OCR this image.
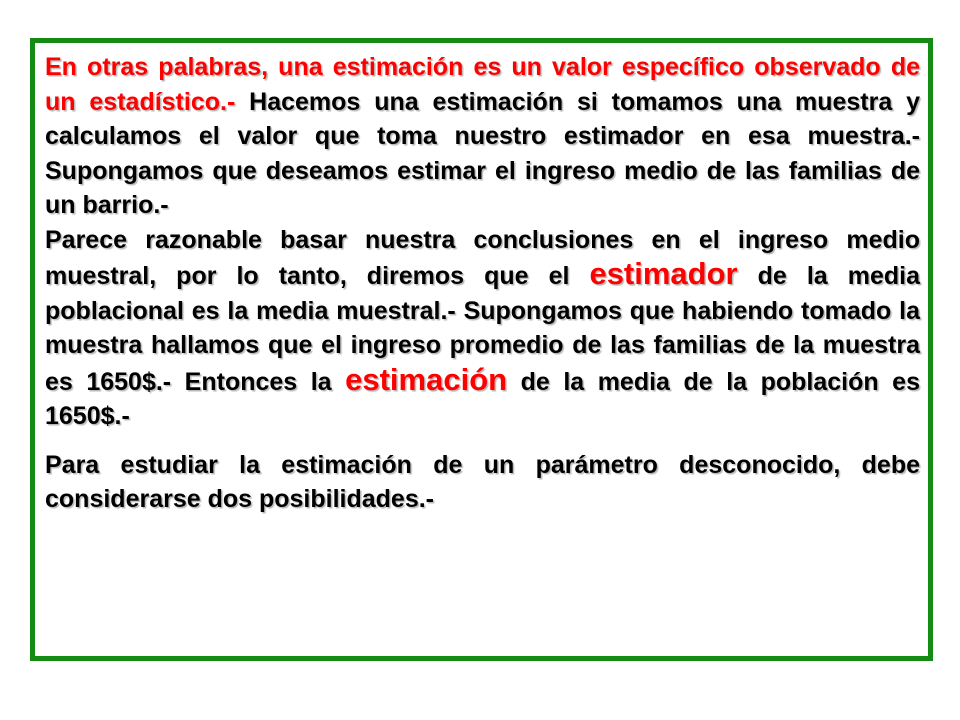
En otras palabras, una estimación es un valor específico observado de un estadístico.- Hacemos una estimación si tomamos una muestra y calculamos el valor que toma nuestro estimador en esa muestra.- Supongamos que deseamos estimar el ingreso medio de las familias de un barrio.-

Parece razonable basar nuestra conclusiones en el ingreso medio muestral, por lo tanto, diremos que el estimador de la media poblacional es la media muestral.- Supongamos que habiendo tomado la muestra hallamos que el ingreso promedio de las familias de la muestra es 1650$.- Entonces la estimación de la media de la población es 1650$.-

Para estudiar la estimación de un parámetro desconocido, debe considerarse dos posibilidades.-
